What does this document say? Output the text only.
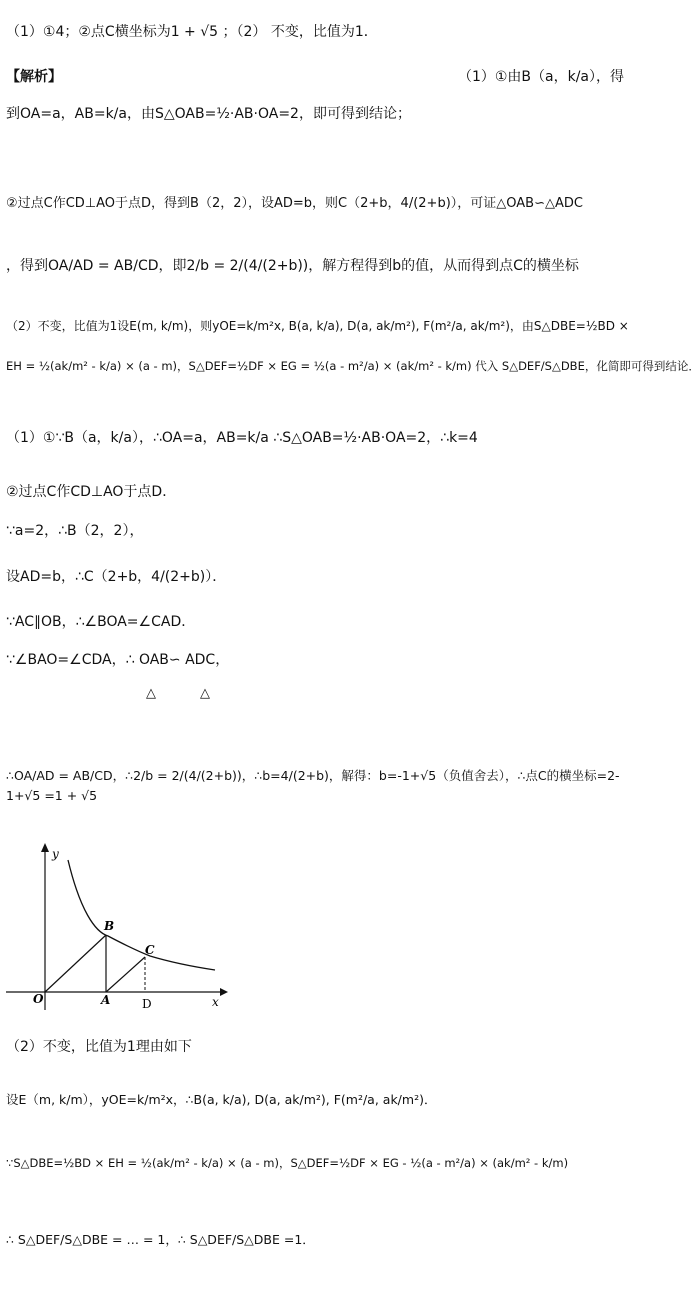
（1）①4；②点C横坐标为1 + √5 ；（2） 不变，比值为1．
【解析】	（1）①由B（a，k/a），得
到OA=a，AB=k/a，由S△OAB=½·AB·OA=2，即可得到结论；
②过点C作CD⊥AO于点D，得到B（2，2），设AD=b，则C（2+b，4/(2+b)），可证△OAB∽△ADC
，得到OA/AD = AB/CD，即2/b = 2/(4/(2+b))，解方程得到b的值，从而得到点C的横坐标
（2）不变，比值为1设E(m, k/m)，则yOE=k/m²x, B(a, k/a), D(a, ak/m²), F(m²/a, ak/m²)，由S△DBE=½BD ×
EH = ½(ak/m² - k/a) × (a - m)，S△DEF=½DF × EG = ½(a - m²/a) × (ak/m² - k/m) 代入 S△DEF/S△DBE，化简即可得到结论．
（1）①∵B（a，k/a），∴OA=a，AB=k/a ∴S△OAB=½·AB·OA=2，∴k=4
②过点C作CD⊥AO于点D．
∵a=2，∴B（2，2），
设AD=b，∴C（2+b，4/(2+b)）．
∵AC∥OB，∴∠BOA=∠CAD．
∵∠BAO=∠CDA，∴ OAB∽ ADC，
△	△
∴OA/AD = AB/CD，∴2/b = 2/(4/(2+b))，∴b=4/(2+b)，解得：b=-1+√5（负值舍去），∴点C的横坐标=2-1+√5 =1 + √5
y
x
O	A
B
C
D
（2）不变，比值为1理由如下
设E（m, k/m），yOE=k/m²x，∴B(a, k/a), D(a, ak/m²), F(m²/a, ak/m²)．
∵S△DBE=½BD × EH = ½(ak/m² - k/a) × (a - m)，S△DEF=½DF × EG - ½(a - m²/a) × (ak/m² - k/m)
∴ S△DEF/S△DBE = … = 1，∴ S△DEF/S△DBE =1．
